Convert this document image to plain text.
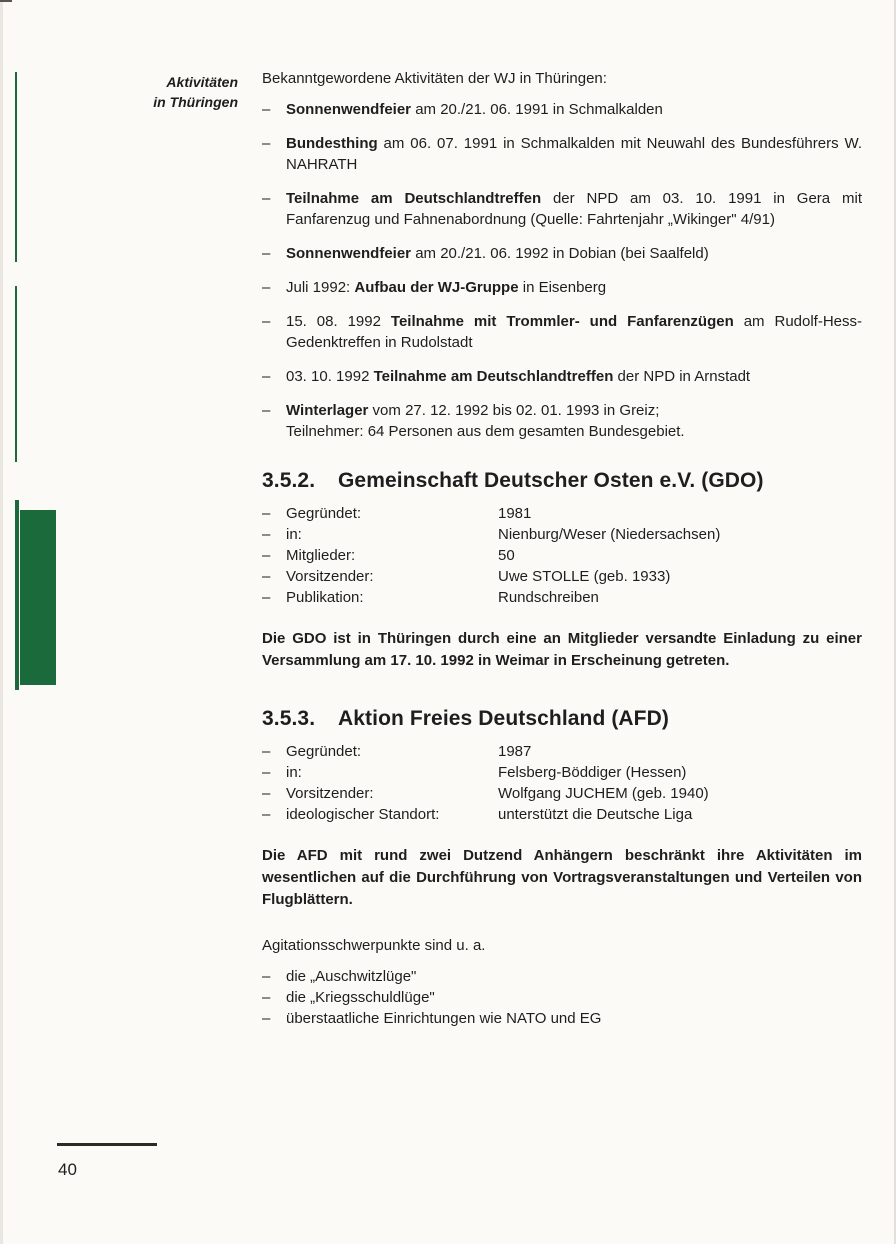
Aktivitäten
in Thüringen

Bekanntgewordene Aktivitäten der WJ in Thüringen:

– Sonnenwendfeier am 20./21. 06. 1991 in Schmalkalden
– Bundesthing am 06. 07. 1991 in Schmalkalden mit Neuwahl des Bundesführers W. NAHRATH
– Teilnahme am Deutschlandtreffen der NPD am 03. 10. 1991 in Gera mit Fanfarenzug und Fahnenabordnung (Quelle: Fahrtenjahr „Wikinger" 4/91)
– Sonnenwendfeier am 20./21. 06. 1992 in Dobian (bei Saalfeld)
– Juli 1992: Aufbau der WJ-Gruppe in Eisenberg
– 15. 08. 1992 Teilnahme mit Trommler- und Fanfarenzügen am Rudolf-Hess-Gedenktreffen in Rudolstadt
– 03. 10. 1992 Teilnahme am Deutschlandtreffen der NPD in Arnstadt
– Winterlager vom 27. 12. 1992 bis 02. 01. 1993 in Greiz;
Teilnehmer: 64 Personen aus dem gesamten Bundesgebiet.
3.5.2. Gemeinschaft Deutscher Osten e.V. (GDO)
– Gegründet:	1981
– in:	Nienburg/Weser (Niedersachsen)
– Mitglieder:	50
– Vorsitzender:	Uwe STOLLE (geb. 1933)
– Publikation:	Rundschreiben

Die GDO ist in Thüringen durch eine an Mitglieder versandte Einladung zu einer Versammlung am 17. 10. 1992 in Weimar in Erscheinung getreten.

3.5.3. Aktion Freies Deutschland (AFD)
– Gegründet:	1987
– in:	Felsberg-Böddiger (Hessen)
– Vorsitzender:	Wolfgang JUCHEM (geb. 1940)
– ideologischer Standort:	unterstützt die Deutsche Liga

Die AFD mit rund zwei Dutzend Anhängern beschränkt ihre Aktivitäten im wesentlichen auf die Durchführung von Vortragsveranstaltungen und Verteilen von Flugblättern.

Agitationsschwerpunkte sind u. a.

– die „Auschwitzlüge"
– die „Kriegsschuldlüge"
– überstaatliche Einrichtungen wie NATO und EG
40
